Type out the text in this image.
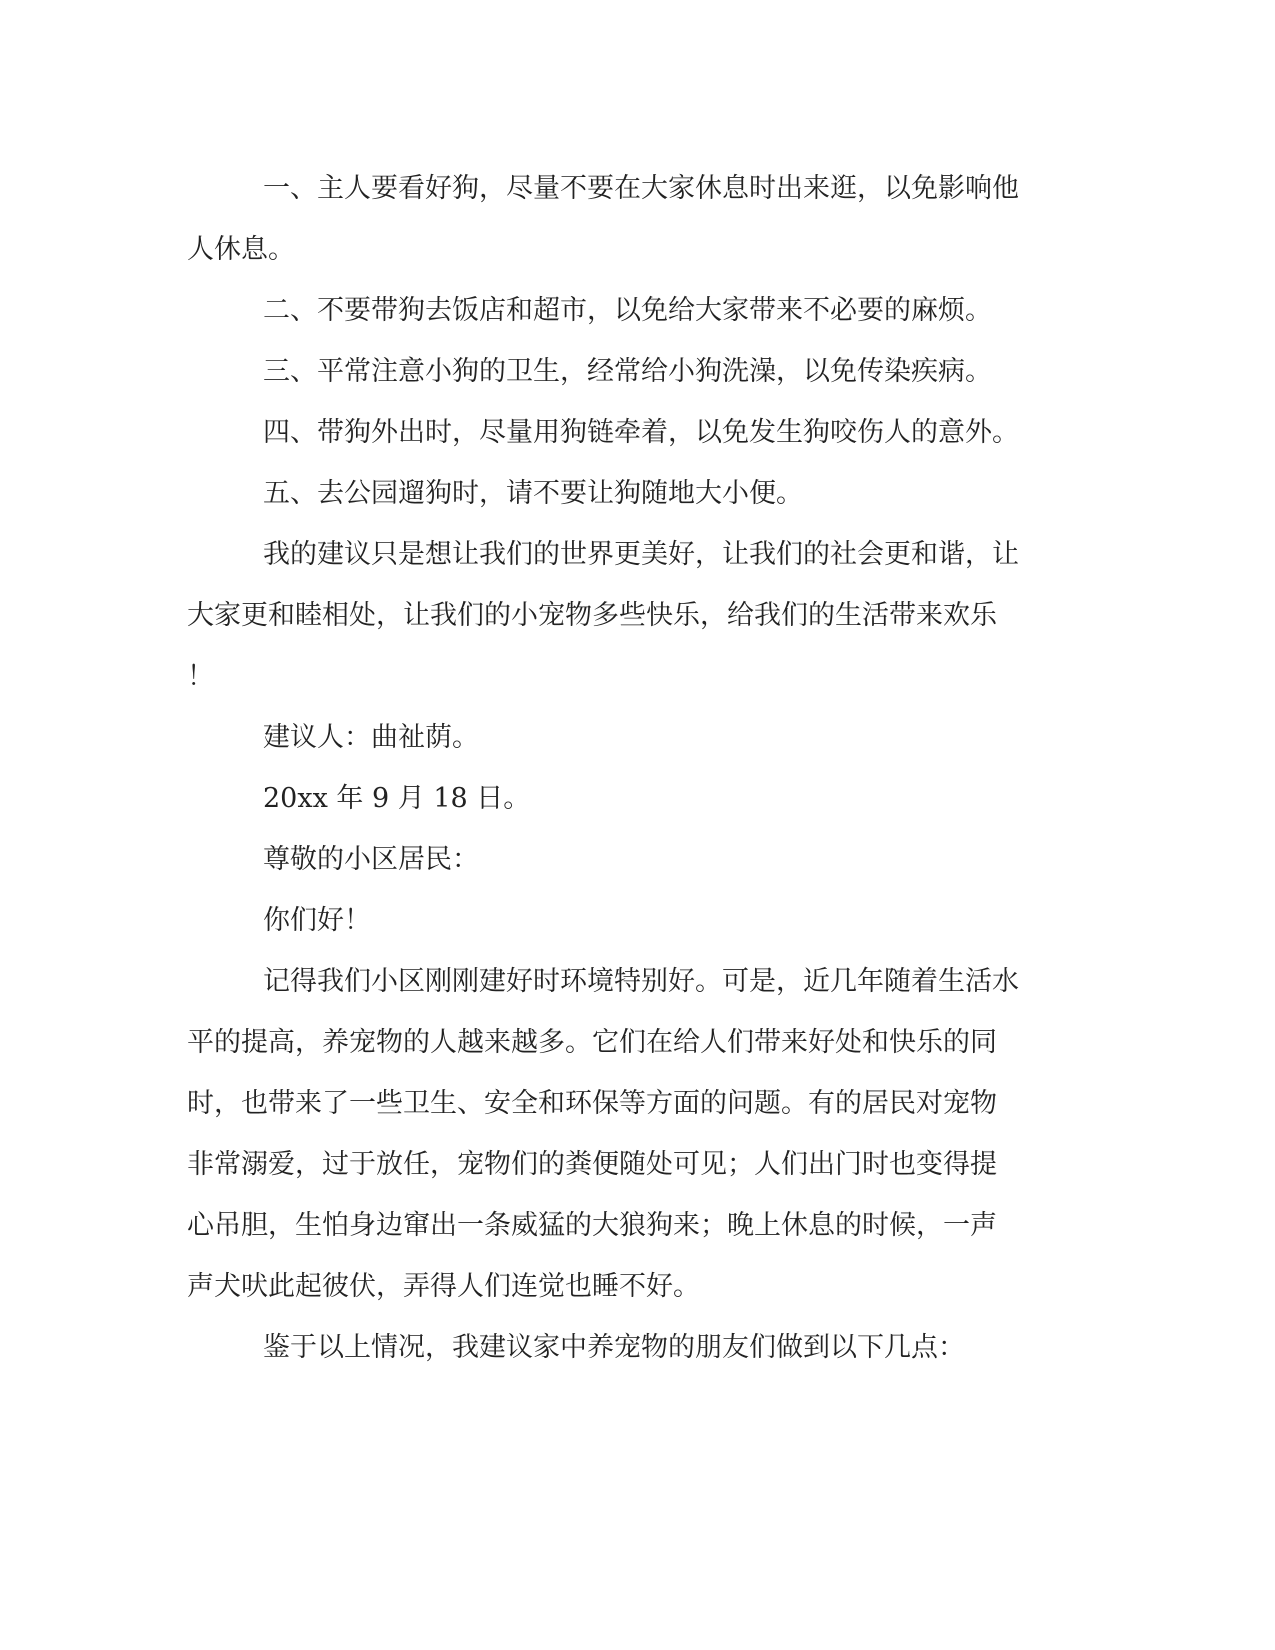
一、主人要看好狗，尽量不要在大家休息时出来逛，以免影响他
人休息。

二、不要带狗去饭店和超市，以免给大家带来不必要的麻烦。

三、平常注意小狗的卫生，经常给小狗洗澡，以免传染疾病。

四、带狗外出时，尽量用狗链牵着，以免发生狗咬伤人的意外。

五、去公园遛狗时，请不要让狗随地大小便。

我的建议只是想让我们的世界更美好，让我们的社会更和谐，让
大家更和睦相处，让我们的小宠物多些快乐，给我们的生活带来欢乐
！

建议人：曲祉荫。

20xx 年 9 月 18 日。

尊敬的小区居民：

你们好！

记得我们小区刚刚建好时环境特别好。可是，近几年随着生活水
平的提高，养宠物的人越来越多。它们在给人们带来好处和快乐的同
时，也带来了一些卫生、安全和环保等方面的问题。有的居民对宠物
非常溺爱，过于放任，宠物们的粪便随处可见；人们出门时也变得提
心吊胆，生怕身边窜出一条威猛的大狼狗来；晚上休息的时候，一声
声犬吠此起彼伏，弄得人们连觉也睡不好。

鉴于以上情况，我建议家中养宠物的朋友们做到以下几点：
